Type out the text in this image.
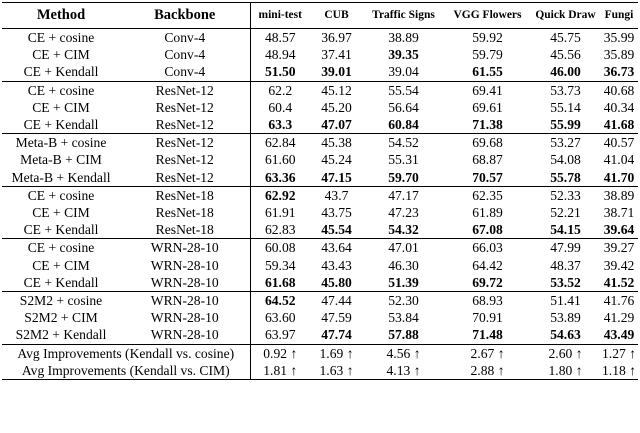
Method	Backbone	mini-test	CUB	Traffic Signs	VGG Flowers	Quick Draw	Fungi
CE + cosine	Conv-4	48.57	36.97	38.89	59.92	45.75	35.99
CE + CIM	Conv-4	48.94	37.41	39.35	59.79	45.56	35.89
CE + Kendall	Conv-4	51.50	39.01	39.04	61.55	46.00	36.73
CE + cosine	ResNet-12	62.2	45.12	55.54	69.41	53.73	40.68
CE + CIM	ResNet-12	60.4	45.20	56.64	69.61	55.14	40.34
CE + Kendall	ResNet-12	63.3	47.07	60.84	71.38	55.99	41.68
Meta-B + cosine	ResNet-12	62.84	45.38	54.52	69.68	53.27	40.57
Meta-B + CIM	ResNet-12	61.60	45.24	55.31	68.87	54.08	41.04
Meta-B + Kendall	ResNet-12	63.36	47.15	59.70	70.57	55.78	41.70
CE + cosine	ResNet-18	62.92	43.7	47.17	62.35	52.33	38.89
CE + CIM	ResNet-18	61.91	43.75	47.23	61.89	52.21	38.71
CE + Kendall	ResNet-18	62.83	45.54	54.32	67.08	54.15	39.64
CE + cosine	WRN-28-10	60.08	43.64	47.01	66.03	47.99	39.27
CE + CIM	WRN-28-10	59.34	43.43	46.30	64.42	48.37	39.42
CE + Kendall	WRN-28-10	61.68	45.80	51.39	69.72	53.52	41.52
S2M2 + cosine	WRN-28-10	64.52	47.44	52.30	68.93	51.41	41.76
S2M2 + CIM	WRN-28-10	63.60	47.59	53.84	70.91	53.89	41.29
S2M2 + Kendall	WRN-28-10	63.97	47.74	57.88	71.48	54.63	43.49
Avg Improvements (Kendall vs. cosine)		0.92 ↑	1.69 ↑	4.56 ↑	2.67 ↑	2.60 ↑	1.27 ↑
Avg Improvements (Kendall vs. CIM)		1.81 ↑	1.63 ↑	4.13 ↑	2.88 ↑	1.80 ↑	1.18 ↑
